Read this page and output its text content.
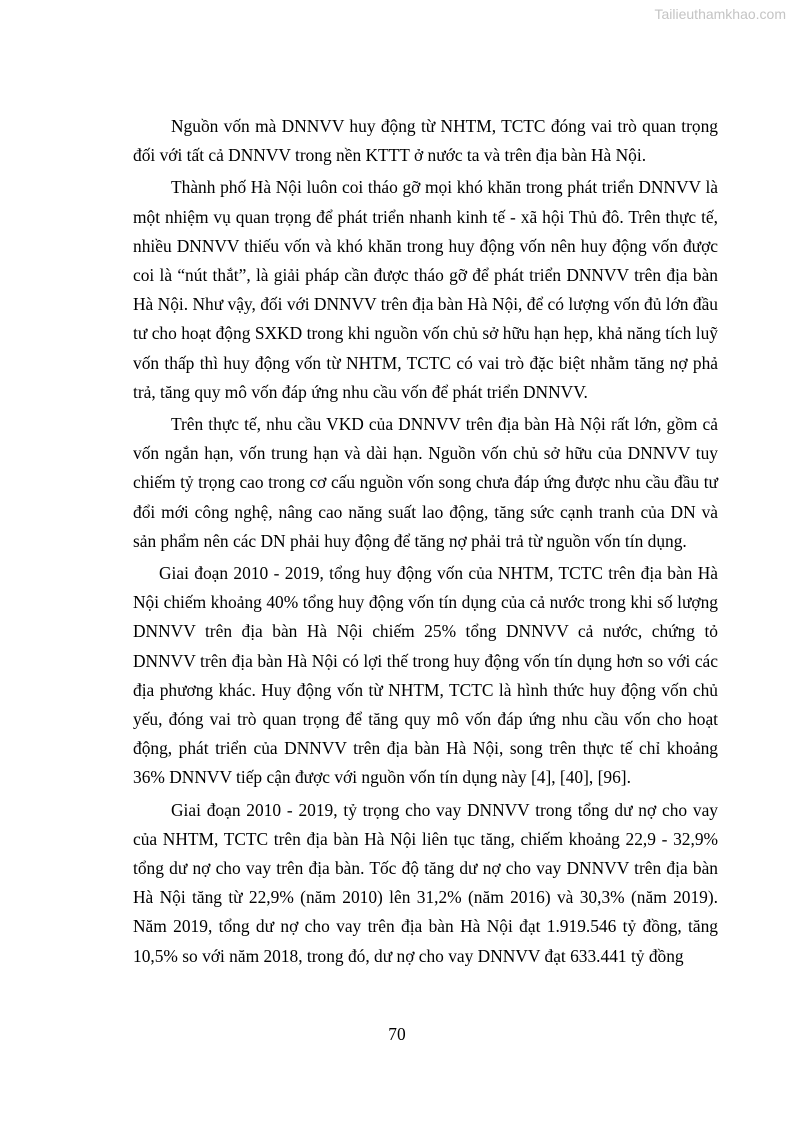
Tailieuthamkhao.com

Nguồn vốn mà DNNVV huy động từ NHTM, TCTC đóng vai trò quan trọng đối với tất cả DNNVV trong nền KTTT ở nước ta và trên địa bàn Hà Nội.

Thành phố Hà Nội luôn coi tháo gỡ mọi khó khăn trong phát triển DNNVV là một nhiệm vụ quan trọng để phát triển nhanh kinh tế - xã hội Thủ đô. Trên thực tế, nhiều DNNVV thiếu vốn và khó khăn trong huy động vốn nên huy động vốn được coi là “nút thắt”, là giải pháp cần được tháo gỡ để phát triển DNNVV trên địa bàn Hà Nội. Như vậy, đối với DNNVV trên địa bàn Hà Nội, để có lượng vốn đủ lớn đầu tư cho hoạt động SXKD trong khi nguồn vốn chủ sở hữu hạn hẹp, khả năng tích luỹ vốn thấp thì huy động vốn từ NHTM, TCTC có vai trò đặc biệt nhằm tăng nợ phả trả, tăng quy mô vốn đáp ứng nhu cầu vốn để phát triển DNNVV.

Trên thực tế, nhu cầu VKD của DNNVV trên địa bàn Hà Nội rất lớn, gồm cả vốn ngắn hạn, vốn trung hạn và dài hạn. Nguồn vốn chủ sở hữu của DNNVV tuy chiếm tỷ trọng cao trong cơ cấu nguồn vốn song chưa đáp ứng được nhu cầu đầu tư đổi mới công nghệ, nâng cao năng suất lao động, tăng sức cạnh tranh của DN và sản phẩm nên các DN phải huy động để tăng nợ phải trả từ nguồn vốn tín dụng.

Giai đoạn 2010 - 2019, tổng huy động vốn của NHTM, TCTC trên địa bàn Hà Nội chiếm khoảng 40% tổng huy động vốn tín dụng của cả nước trong khi số lượng DNNVV trên địa bàn Hà Nội chiếm 25% tổng DNNVV cả nước, chứng tỏ DNNVV trên địa bàn Hà Nội có lợi thế trong huy động vốn tín dụng hơn so với các địa phương khác. Huy động vốn từ NHTM, TCTC là hình thức huy động vốn chủ yếu, đóng vai trò quan trọng để tăng quy mô vốn đáp ứng nhu cầu vốn cho hoạt động, phát triển của DNNVV trên địa bàn Hà Nội, song trên thực tế chỉ khoảng 36% DNNVV tiếp cận được với nguồn vốn tín dụng này [4], [40], [96].

Giai đoạn 2010 - 2019, tỷ trọng cho vay DNNVV trong tổng dư nợ cho vay của NHTM, TCTC trên địa bàn Hà Nội liên tục tăng, chiếm khoảng 22,9 - 32,9% tổng dư nợ cho vay trên địa bàn. Tốc độ tăng dư nợ cho vay DNNVV trên địa bàn Hà Nội tăng từ 22,9% (năm 2010) lên 31,2% (năm 2016) và 30,3% (năm 2019). Năm 2019, tổng dư nợ cho vay trên địa bàn Hà Nội đạt 1.919.546 tỷ đồng, tăng 10,5% so với năm 2018, trong đó, dư nợ cho vay DNNVV đạt 633.441 tỷ đồng

70
